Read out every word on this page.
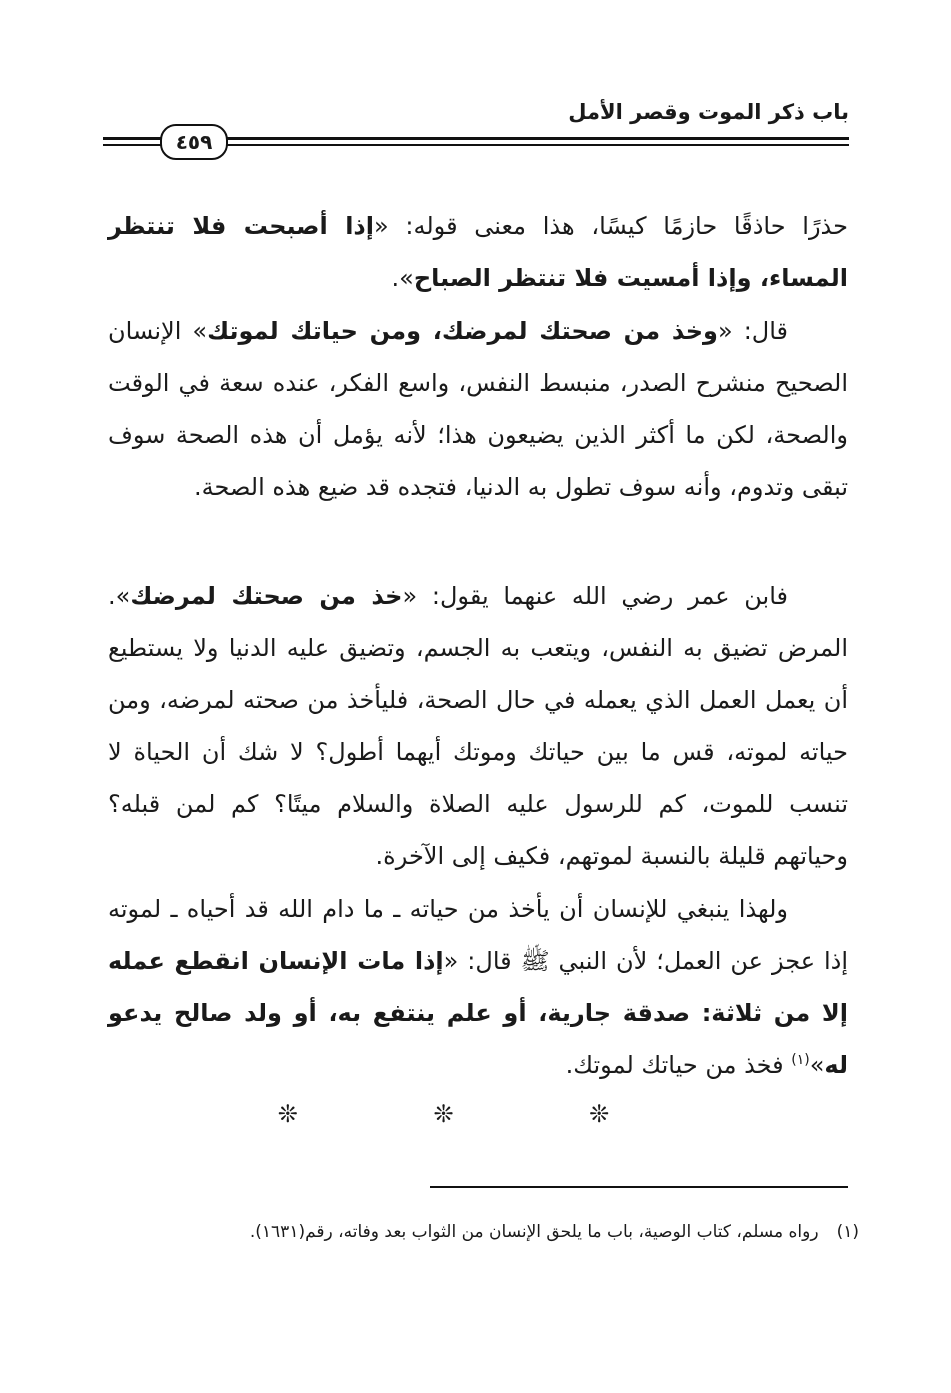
باب ذكر الموت وقصر الأمل
٤٥٩

حذرًا حاذقًا حازمًا كيسًا، هذا معنى قوله: «إذا أصبحت فلا تنتظر المساء، وإذا أمسيت فلا تنتظر الصباح».

قال: «وخذ من صحتك لمرضك، ومن حياتك لموتك» الإنسان الصحيح منشرح الصدر، منبسط النفس، واسع الفكر، عنده سعة في الوقت والصحة، لكن ما أكثر الذين يضيعون هذا؛ لأنه يؤمل أن هذه الصحة سوف تبقى وتدوم، وأنه سوف تطول به الدنيا، فتجده قد ضيع هذه الصحة.

فابن عمر رضي الله عنهما يقول: «خذ من صحتك لمرضك». المرض تضيق به النفس، ويتعب به الجسم، وتضيق عليه الدنيا ولا يستطيع أن يعمل العمل الذي يعمله في حال الصحة، فليأخذ من صحته لمرضه، ومن حياته لموته، قس ما بين حياتك وموتك أيهما أطول؟ لا شك أن الحياة لا تنسب للموت، كم للرسول عليه الصلاة والسلام ميتًا؟ كم لمن قبله؟ وحياتهم قليلة بالنسبة لموتهم، فكيف إلى الآخرة.

ولهذا ينبغي للإنسان أن يأخذ من حياته ـ ما دام الله قد أحياه ـ لموته إذا عجز عن العمل؛ لأن النبي ﷺ قال: «إذا مات الإنسان انقطع عمله إلا من ثلاثة: صدقة جارية، أو علم ينتفع به، أو ولد صالح يدعو له»$^{(١)}$ فخذ من حياتك لموتك.

❊ ❊ ❊
(١)رواه مسلم، كتاب الوصية، باب ما يلحق الإنسان من الثواب بعد وفاته، رقم(١٦٣١).
